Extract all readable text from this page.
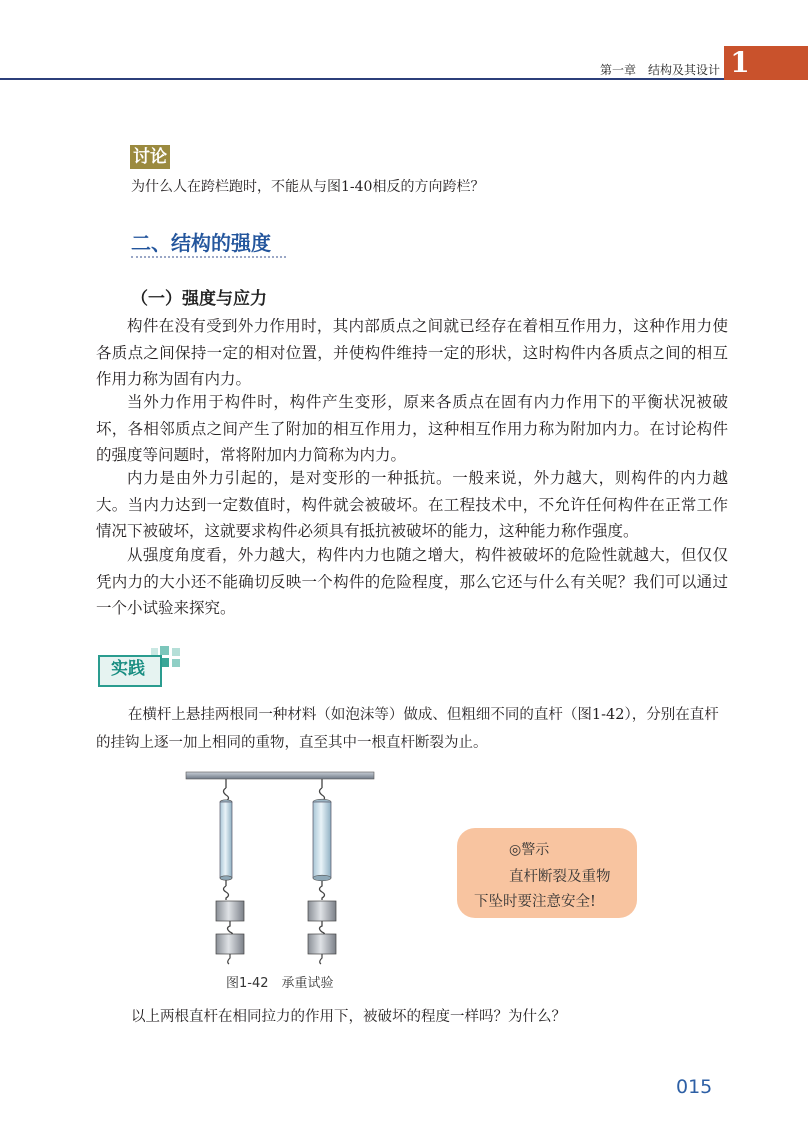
第一章　结构及其设计 1
讨论
为什么人在跨栏跑时，不能从与图1-40相反的方向跨栏？
二、结构的强度
（一）强度与应力

构件在没有受到外力作用时，其内部质点之间就已经存在着相互作用力，这种作用力使各质点之间保持一定的相对位置，并使构件维持一定的形状，这时构件内各质点之间的相互作用力称为固有内力。

当外力作用于构件时，构件产生变形，原来各质点在固有内力作用下的平衡状况被破坏，各相邻质点之间产生了附加的相互作用力，这种相互作用力称为附加内力。在讨论构件的强度等问题时，常将附加内力简称为内力。

内力是由外力引起的，是对变形的一种抵抗。一般来说，外力越大，则构件的内力越大。当内力达到一定数值时，构件就会被破坏。在工程技术中，不允许任何构件在正常工作情况下被破坏，这就要求构件必须具有抵抗被破坏的能力，这种能力称作强度。

从强度角度看，外力越大，构件内力也随之增大，构件被破坏的危险性就越大，但仅仅凭内力的大小还不能确切反映一个构件的危险程度，那么它还与什么有关呢？我们可以通过一个小试验来探究。

实践

在横杆上悬挂两根同一种材料（如泡沫等）做成、但粗细不同的直杆（图1-42），分别在直杆的挂钩上逐一加上相同的重物，直至其中一根直杆断裂为止。

图1-42　承重试验
◎警示
直杆断裂及重物
下坠时要注意安全!
以上两根直杆在相同拉力的作用下，被破坏的程度一样吗？为什么？
015
